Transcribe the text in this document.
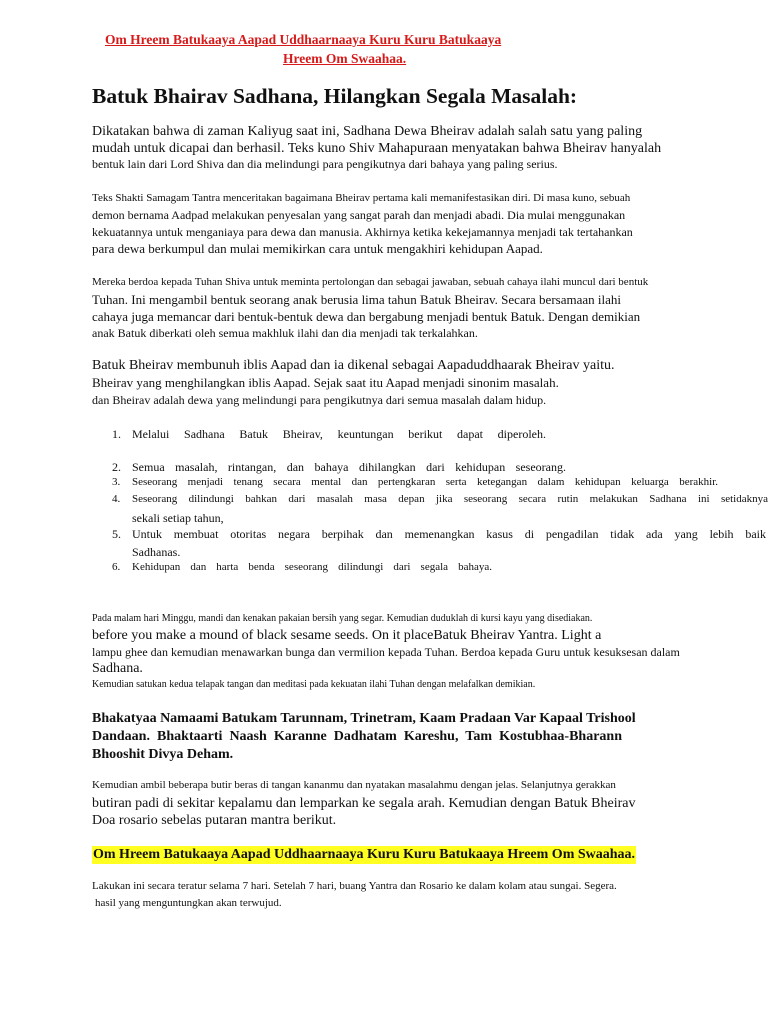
Om Hreem Batukaaya Aapad Uddhaarnaaya Kuru Kuru Batukaaya
Hreem Om Swaahaa.
Batuk Bhairav Sadhana, Hilangkan Segala Masalah:
Dikatakan bahwa di zaman Kaliyug saat ini, Sadhana Dewa Bheirav adalah salah satu yang paling
mudah untuk dicapai dan berhasil. Teks kuno Shiv Mahapuraan menyatakan bahwa Bheirav hanyalah
bentuk lain dari Lord Shiva dan dia melindungi para pengikutnya dari bahaya yang paling serius.
Teks Shakti Samagam Tantra menceritakan bagaimana Bheirav pertama kali memanifestasikan diri. Di masa kuno, sebuah
demon bernama Aadpad melakukan penyesalan yang sangat parah dan menjadi abadi. Dia mulai menggunakan
kekuatannya untuk menganiaya para dewa dan manusia. Akhirnya ketika kekejamannya menjadi tak tertahankan
para dewa berkumpul dan mulai memikirkan cara untuk mengakhiri kehidupan Aapad.
Mereka berdoa kepada Tuhan Shiva untuk meminta pertolongan dan sebagai jawaban, sebuah cahaya ilahi muncul dari bentuk
Tuhan. Ini mengambil bentuk seorang anak berusia lima tahun Batuk Bheirav. Secara bersamaan ilahi
cahaya juga memancar dari bentuk-bentuk dewa dan bergabung menjadi bentuk Batuk. Dengan demikian
anak Batuk diberkati oleh semua makhluk ilahi dan dia menjadi tak terkalahkan.
Batuk Bheirav membunuh iblis Aapad dan ia dikenal sebagai Aapaduddhaarak Bheirav yaitu.
Bheirav yang menghilangkan iblis Aapad. Sejak saat itu Aapad menjadi sinonim masalah.
dan Bheirav adalah dewa yang melindungi para pengikutnya dari semua masalah dalam hidup.
1. Melalui Sadhana Batuk Bheirav, keuntungan berikut dapat diperoleh.
2. Semua masalah, rintangan, dan bahaya dihilangkan dari kehidupan seseorang.
3. Seseorang menjadi tenang secara mental dan pertengkaran serta ketegangan dalam kehidupan keluarga berakhir.
4. Seseorang dilindungi bahkan dari masalah masa depan jika seseorang secara rutin melakukan Sadhana ini setidaknya
sekali setiap tahun,
5. Untuk membuat otoritas negara berpihak dan memenangkan kasus di pengadilan tidak ada yang lebih baik
Sadhanas.
6. Kehidupan dan harta benda seseorang dilindungi dari segala bahaya.
Pada malam hari Minggu, mandi dan kenakan pakaian bersih yang segar. Kemudian duduklah di kursi kayu yang disediakan.
before you make a mound of black sesame seeds. On it placeBatuk Bheirav Yantra. Light a
lampu ghee dan kemudian menawarkan bunga dan vermilion kepada Tuhan. Berdoa kepada Guru untuk kesuksesan dalam
Sadhana.
Kemudian satukan kedua telapak tangan dan meditasi pada kekuatan ilahi Tuhan dengan melafalkan demikian.
Bhakatyaa Namaami Batukam Tarunnam, Trinetram, Kaam Pradaan Var Kapaal Trishool
Dandaan. Bhaktaarti Naash Karanne Dadhatam Kareshu, Tam Kostubhaa-Bharann
Bhooshit Divya Deham.
Kemudian ambil beberapa butir beras di tangan kananmu dan nyatakan masalahmu dengan jelas. Selanjutnya gerakkan
butiran padi di sekitar kepalamu dan lemparkan ke segala arah. Kemudian dengan Batuk Bheirav
Doa rosario sebelas putaran mantra berikut.
Om Hreem Batukaaya Aapad Uddhaarnaaya Kuru Kuru Batukaaya Hreem Om Swaahaa.
Lakukan ini secara teratur selama 7 hari. Setelah 7 hari, buang Yantra dan Rosario ke dalam kolam atau sungai. Segera.
hasil yang menguntungkan akan terwujud.
